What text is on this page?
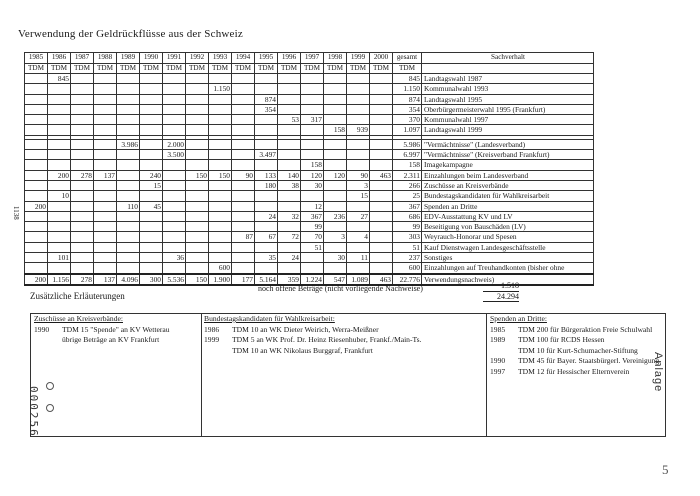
Verwendung der Geldrückflüsse aus der Schweiz
1985	1986	1987	1988	1989	1990	1991	1992	1993	1994	1995	1996	1997	1998	1999	2000	gesamt	Sachverhalt
TDM	TDM	TDM	TDM	TDM	TDM	TDM	TDM	TDM	TDM	TDM	TDM	TDM	TDM	TDM	TDM	TDM	
	845															845	Landtagswahl 1987
								1.150								1.150	Kommunalwahl 1993
										874						874	Landtagswahl 1995
										354						354	Oberbürgermeisterwahl 1995 (Frankfurt)
											53	317				370	Kommunalwahl 1997
													158	939		1.097	Landtagswahl 1999

				3.986		2.000										5.986	"Vermächtnisse" (Landesverband)
						3.500				3.497						6.997	"Vermächtnisse" (Kreisverband Frankfurt)
												158				158	Imagekampagne
	200	278	137		240		150	150	90	133	140	120	120	90	463	2.311	Einzahlungen beim Landesverband
					15					180	38	30		3		266	Zuschüsse an Kreisverbände
	10													15		25	Bundestagskandidaten für Wahlkreisarbeit
200				110	45							12				367	Spenden an Dritte
										24	32	367	236	27		686	EDV-Ausstattung KV und LV
												99				99	Beseitigung von Bauschäden (LV)
									87	67	72	70	3	4		303	Weyrauch-Honorar und Spesen
												51				51	Kauf Dienstwagen Landesgeschäftsstelle
	101					36				35	24		30	11		237	Sonstiges
								600								600	Einzahlungen auf Treuhandkonten (bisher ohne
200	1.156	278	137	4.096	300	5.536	150	1.900	177	5.164	359	1.224	547	1.089	463	22.776	Verwendungsnachweis)
1138
noch offene Beträge (nicht vorliegende Nachweise)	1.518
24.294
Zusätzliche Erläuterungen
Zuschüsse an Kreisverbände:
1990	TDM 15 "Spende" an KV Wetterau
übrige Beträge an KV Frankfurt
Bundestagskandidaten für Wahlkreisarbeit:
1986	TDM 10 an WK Dieter Weirich, Werra-Meißner
1999	TDM 5 an WK Prof. Dr. Heinz Riesenhuber, Frankf./Main-Ts.
TDM 10 an WK Nikolaus Burggraf, Frankfurt
Spenden an Dritte:
1985	TDM 200 für Bürgeraktion Freie Schulwahl
1989	TDM 100 für RCDS Hessen
TDM 10 für Kurt-Schumacher-Stiftung
1990	TDM 45 für Bayer. Staatsbürgerl. Vereinigung
1997	TDM 12 für Hessischer Elternverein
000256
Anlage
5
